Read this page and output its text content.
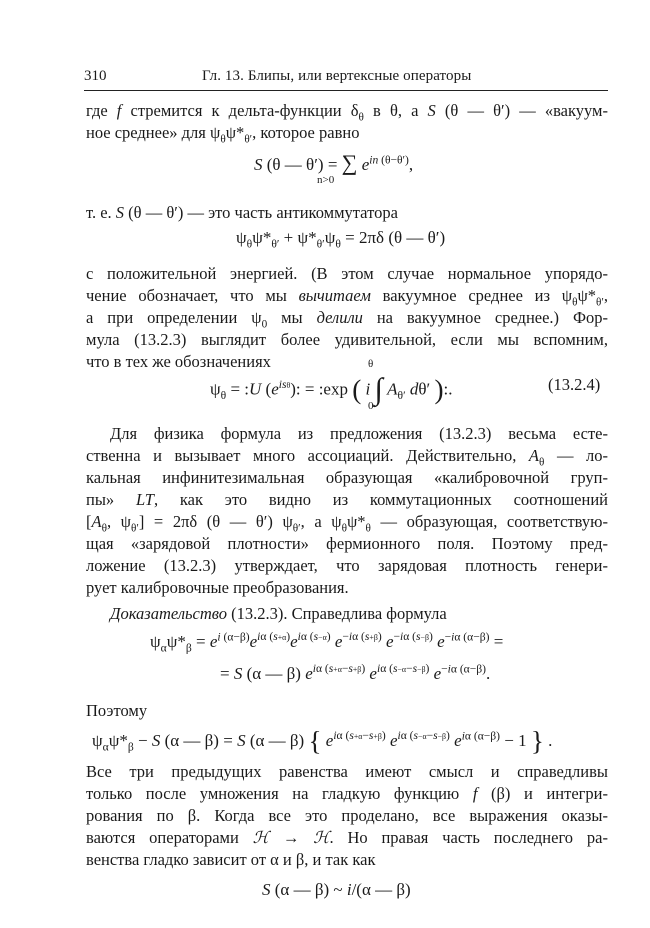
310	Гл. 13. Блипы, или вертексные операторы
где f стремится к дельта-функции $\delta_\theta$ в θ, а S (θ — θ′) — «вакуум-
ное среднее» для $\psi_\theta\psi*_{\theta'}$, которое равно
S (θ — θ′) = ∑ $e^{in (\theta-\theta')}$,
n>0
т. е. S (θ — θ′) — это часть антикоммутатора
$\psi_\theta\psi*_{\theta'} + \psi*_{\theta'}\psi_\theta = 2\pi\delta$ (θ — θ′)
с положительной энергией. (В этом случае нормальное упорядо-
чение обозначает, что мы вычитаем вакуумное среднее из $\psi_\theta\psi*_{\theta'}$,
а при определении $\psi_0$ мы делили на вакуумное среднее.) Фор-
мула (13.2.3) выглядит более удивительной, если мы вспомним,
что в тех же обозначениях
$\psi_\theta$ = :U $(e^{is\theta})$: = :exp ( i ∫ $A_{\theta'}$ dθ′ ):.
θ
0
(13.2.4)
Для физика формула из предложения (13.2.3) весьма есте-
ственна и вызывает много ассоциаций. Действительно, $A_\theta$ — ло-
кальная инфинитезимальная образующая «калибровочной груп-
пы» LT, как это видно из коммутационных соотношений
[$A_\theta$, $\psi_{\theta'}] = 2\pi\delta$ (θ — θ′) $\psi_{\theta'}$, а $\psi_\theta\psi*_\theta$ — образующая, соответствую-
щая «зарядовой плотности» фермионного поля. Поэтому пред-
ложение (13.2.3) утверждает, что зарядовая плотность генери-
рует калибровочные преобразования.
Доказательство (13.2.3). Справедлива формула
$\psi_\alpha\psi*_\beta = e^{i (\alpha-\beta)}e^{i\alpha (s+\alpha)}e^{i\alpha (s-\alpha)}$ $e^{-i\alpha (s+\beta)}$ $e^{-i\alpha (s-\beta)}$ $e^{-i\alpha (\alpha-\beta)}$ =
= S (α — β) $e^{i\alpha (s+\alpha-s+\beta)}$ $e^{i\alpha (s-\alpha-s-\beta)}$ $e^{-i\alpha (\alpha-\beta)}$.
Поэтому
$\psi_\alpha\psi*_\beta - S$ (α — β) = S (α — β) { $e^{i\alpha (s+\alpha-s+\beta)}$ $e^{i\alpha (s-\alpha-s-\beta)}$ $e^{i\alpha (\alpha-\beta)} - 1$ } .
Все три предыдущих равенства имеют смысл и справедливы
только после умножения на гладкую функцию f (β) и интегри-
рования по β. Когда все это проделано, все выражения оказы-
ваются операторами ℋ → ℋ. Но правая часть последнего ра-
венства гладко зависит от α и β, и так как
S (α — β) ~ i/(α — β)
